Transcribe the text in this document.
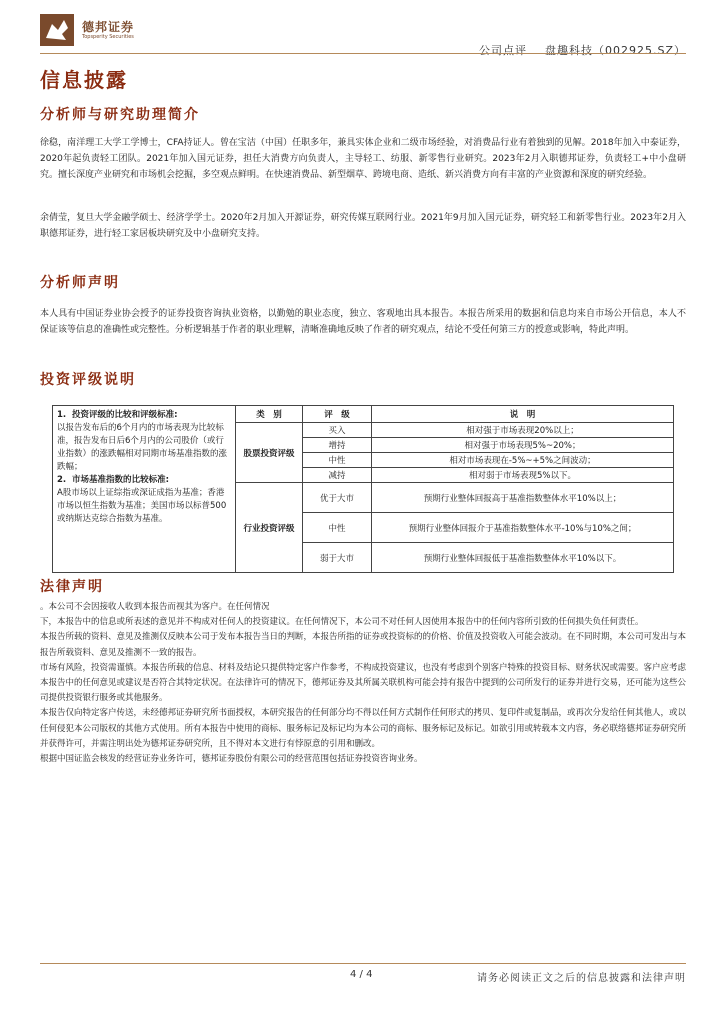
德邦证券
Topsperity Securities
公司点评 盘趣科技（002925.SZ）
信息披露
分析师与研究助理简介
徐稳，南洋理工大学工学博士，CFA持证人。曾在宝洁（中国）任职多年，兼具实体企业和二级市场经验，对消费品行业有着独到的见解。2018年加入中泰证券，2020年起负责轻工团队。2021年加入国元证券，担任大消费方向负责人，主导轻工、纺服、新零售行业研究。2023年2月入职德邦证券，负责轻工+中小盘研究。擅长深度产业研究和市场机会挖掘，多空观点鲜明。在快速消费品、新型烟草、跨境电商、造纸、新兴消费方向有丰富的产业资源和深度的研究经验。
余倩莹，复旦大学金融学硕士、经济学学士。2020年2月加入开源证券，研究传媒互联网行业。2021年9月加入国元证券，研究轻工和新零售行业。2023年2月入职德邦证券，进行轻工家居板块研究及中小盘研究支持。
分析师声明
本人具有中国证券业协会授予的证券投资咨询执业资格，以勤勉的职业态度，独立、客观地出具本报告。本报告所采用的数据和信息均来自市场公开信息，本人不保证该等信息的准确性或完整性。分析逻辑基于作者的职业理解，清晰准确地反映了作者的研究观点，结论不受任何第三方的授意或影响，特此声明。
投资评级说明
1.  投资评级的比较和评级标准:
以报告发布后的6个月内的市场表现为比较标准，报告发布日后6个月内的公司股价（或行业指数）的涨跌幅相对同期市场基准指数的涨跌幅；
2.  市场基准指数的比较标准:
A股市场以上证综指或深证成指为基准；香港市场以恒生指数为基准；美国市场以标普500或纳斯达克综合指数为基准。	类　别	评　级	说　明
	股票投资评级	买入	相对强于市场表现20%以上；
		增持	相对强于市场表现5%~20%；
		中性	相对市场表现在-5%~+5%之间波动；
		减持	相对弱于市场表现5%以下。
	行业投资评级	优于大市	预期行业整体回报高于基准指数整体水平10%以上；
		中性	预期行业整体回报介于基准指数整体水平-10%与10%之间；
		弱于大市	预期行业整体回报低于基准指数整体水平10%以下。
法律声明

。本公司不会因接收人收到本报告而视其为客户。在任何情况

下，本报告中的信息或所表述的意见并不构成对任何人的投资建议。在任何情况下，本公司不对任何人因使用本报告中的任何内容所引致的任何损失负任何责任。

本报告所载的资料、意见及推测仅反映本公司于发布本报告当日的判断，本报告所指的证券或投资标的的价格、价值及投资收入可能会波动。在不同时期，本公司可发出与本报告所载资料、意见及推测不一致的报告。

市场有风险，投资需谨慎。本报告所载的信息、材料及结论只提供特定客户作参考，不构成投资建议，也没有考虑到个别客户特殊的投资目标、财务状况或需要。客户应考虑本报告中的任何意见或建议是否符合其特定状况。在法律许可的情况下，德邦证券及其所属关联机构可能会持有报告中提到的公司所发行的证券并进行交易，还可能为这些公司提供投资银行服务或其他服务。

本报告仅向特定客户传送，未经德邦证券研究所书面授权，本研究报告的任何部分均不得以任何方式制作任何形式的拷贝、复印件或复制品，或再次分发给任何其他人，或以任何侵犯本公司版权的其他方式使用。所有本报告中使用的商标、服务标记及标记均为本公司的商标、服务标记及标记。如欲引用或转载本文内容，务必联络德邦证券研究所并获得许可，并需注明出处为德邦证券研究所，且不得对本文进行有悖原意的引用和删改。

根据中国证监会核发的经营证券业务许可，德邦证券股份有限公司的经营范围包括证券投资咨询业务。

4 / 4	请务必阅读正文之后的信息披露和法律声明
